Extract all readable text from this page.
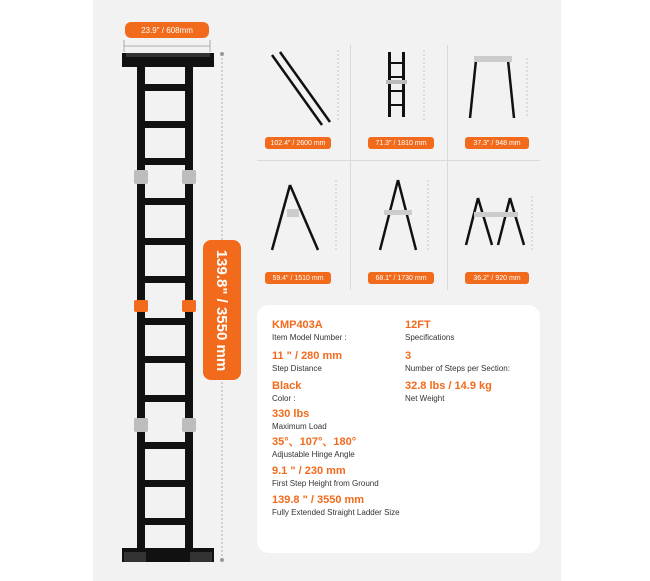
23.9" / 608mm
139.8" / 3550 mm
102.4" / 2600 mm	71.3" / 1810 mm	37.3" / 948 mm
59.4" / 1510 mm	68.1" / 1730 mm	36.2" / 920 mm
KMP403A
Item Model Number :
12FT
Specifications
11 " / 280 mm
Step Distance
3
Number of Steps per Section:
Black
Color :
32.8 lbs / 14.9 kg
Net Weight
330 lbs
Maximum Load
35°、107°、180°
Adjustable Hinge Angle
9.1 " / 230 mm
First Step Height from Ground
139.8 " / 3550 mm
Fully Extended Straight Ladder Size
